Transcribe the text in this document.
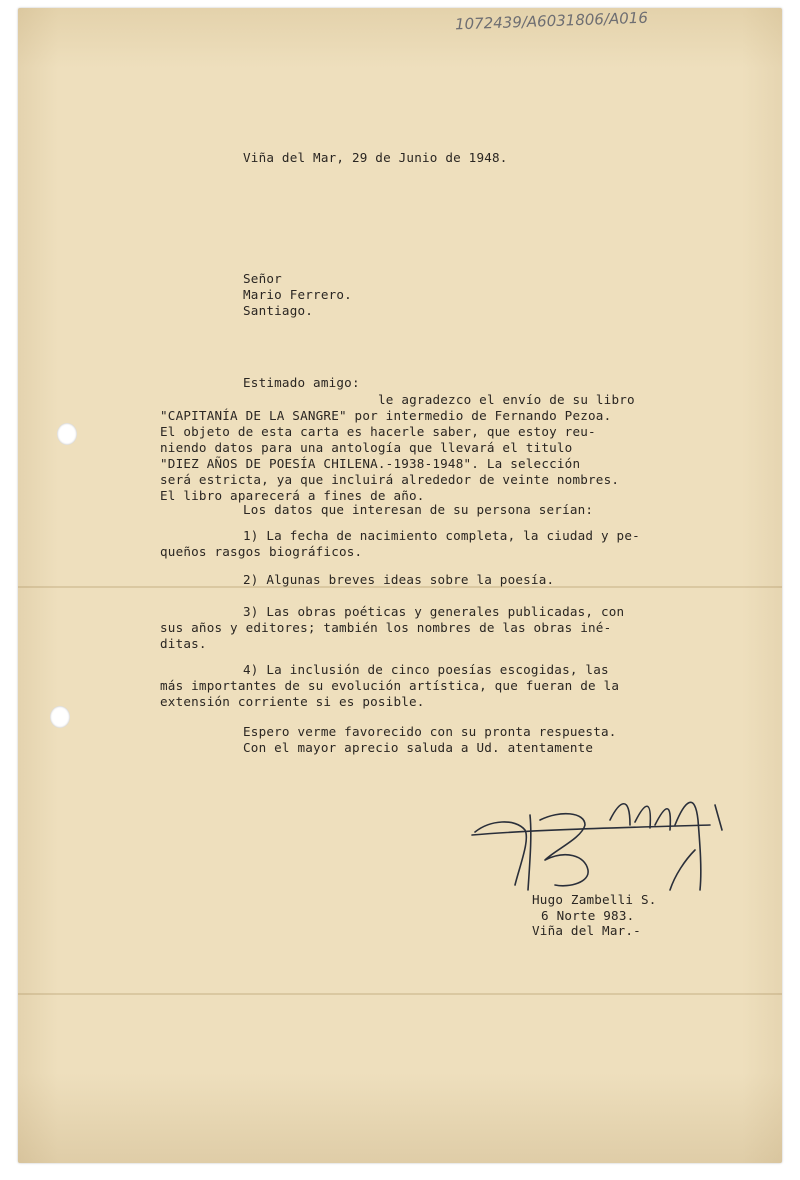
1072439/A6031806/A016
Viña del Mar, 29 de Junio de 1948.
Señor
Mario Ferrero.
Santiago.
Estimado amigo:
le agradezco el envío de su libro
"CAPITANÍA DE LA SANGRE" por intermedio de Fernando Pezoa.
El objeto de esta carta es hacerle saber, que estoy reu-
niendo datos para una antología que llevará el titulo
"DIEZ AÑOS DE POESÍA CHILENA.-1938-1948". La selección
será estricta, ya que incluirá alrededor de veinte nombres.
El libro aparecerá a fines de año.
Los datos que interesan de su persona serían:
1) La fecha de nacimiento completa, la ciudad y pe-
queños rasgos biográficos.
2) Algunas breves ideas sobre la poesía.
3) Las obras poéticas y generales publicadas, con
sus años y editores; también los nombres de las obras iné-
ditas.
4) La inclusión de cinco poesías escogidas, las
más importantes de su evolución artística, que fueran de la
extensión corriente si es posible.
Espero verme favorecido con su pronta respuesta.
Con el mayor aprecio saluda a Ud. atentamente
Hugo Zambelli S.
6 Norte 983.
Viña del Mar.-
